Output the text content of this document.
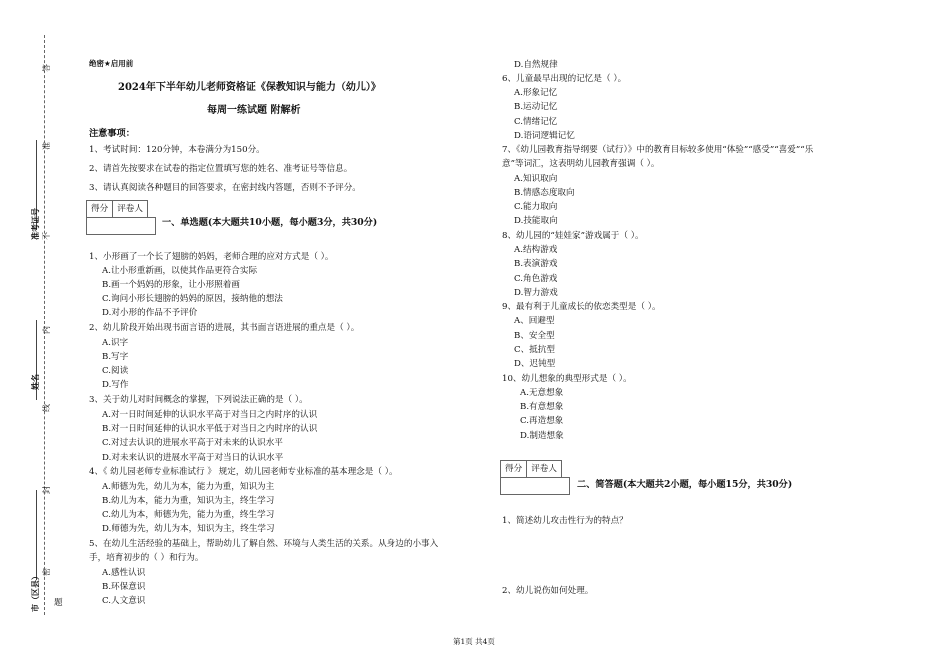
准考证号
姓名
市（区县）
答
准
不
内
线
封
密
题
绝密★启用前
2024年下半年幼儿老师资格证《保教知识与能力（幼儿）》
每周一练试题 附解析
注意事项：
1、考试时间：120分钟，本卷满分为150分。
2、请首先按要求在试卷的指定位置填写您的姓名、准考证号等信息。
3、请认真阅读各种题目的回答要求，在密封线内答题，否则不予评分。
得分	评卷人
一、单选题(本大题共10小题，每小题3分，共30分)
1、小形画了一个长了翅膀的妈妈，老师合理的应对方式是（ ）。
A.让小形重新画，以使其作品更符合实际
B.画一个妈妈的形象，让小形照着画
C.询问小形长翅膀的妈妈的原因，接纳他的想法
D.对小形的作品不予评价
2、幼儿阶段开始出现书面言语的进展，其书面言语进展的重点是（ ）。
A.识字
B.写字
C.阅读
D.写作
3、关于幼儿对时间概念的掌握，下列说法正确的是（ ）。
A.对一日时间延伸的认识水平高于对当日之内时序的认识
B.对一日时间延伸的认识水平低于对当日之内时序的认识
C.对过去认识的进展水平高于对未来的认识水平
D.对未来认识的进展水平高于对当日的认识水平
4、《 幼儿园老师专业标准试行 》 规定，幼儿园老师专业标准的基本理念是（ ）。
A.师德为先，幼儿为本，能力为重，知识为主
B.幼儿为本，能力为重，知识为主，终生学习
C.幼儿为本，师德为先，能力为重，终生学习
D.师德为先，幼儿为本，知识为主，终生学习
5、在幼儿生活经验的基础上，帮助幼儿了解自然、环境与人类生活的关系。从身边的小事入
手，培育初步的（ ）和行为。
A.感性认识
B.环保意识
C.人文意识
D.自然规律
6、儿童最早出现的记忆是（ ）。
A.形象记忆
B.运动记忆
C.情绪记忆
D.语词逻辑记忆
7、《幼儿园教育指导纲要（试行）》中的教育目标较多使用“体验”“感受”“喜爱”“乐
意”等词汇，这表明幼儿园教育强调（ ）。
A.知识取向
B.情感态度取向
C.能力取向
D.技能取向
8、幼儿园的“娃娃家”游戏属于（ ）。
A.结构游戏
B.表演游戏
C.角色游戏
D.智力游戏
9、最有利于儿童成长的依恋类型是（ ）。
A、回避型
B、安全型
C、抵抗型
D、迟钝型
10、幼儿想象的典型形式是（ ）。
A.无意想象
B.有意想象
C.再造想象
D.制造想象
得分	评卷人
二、简答题(本大题共2小题，每小题15分，共30分)
1、简述幼儿攻击性行为的特点？
2、幼儿说伤如何处理。
第1页 共4页
